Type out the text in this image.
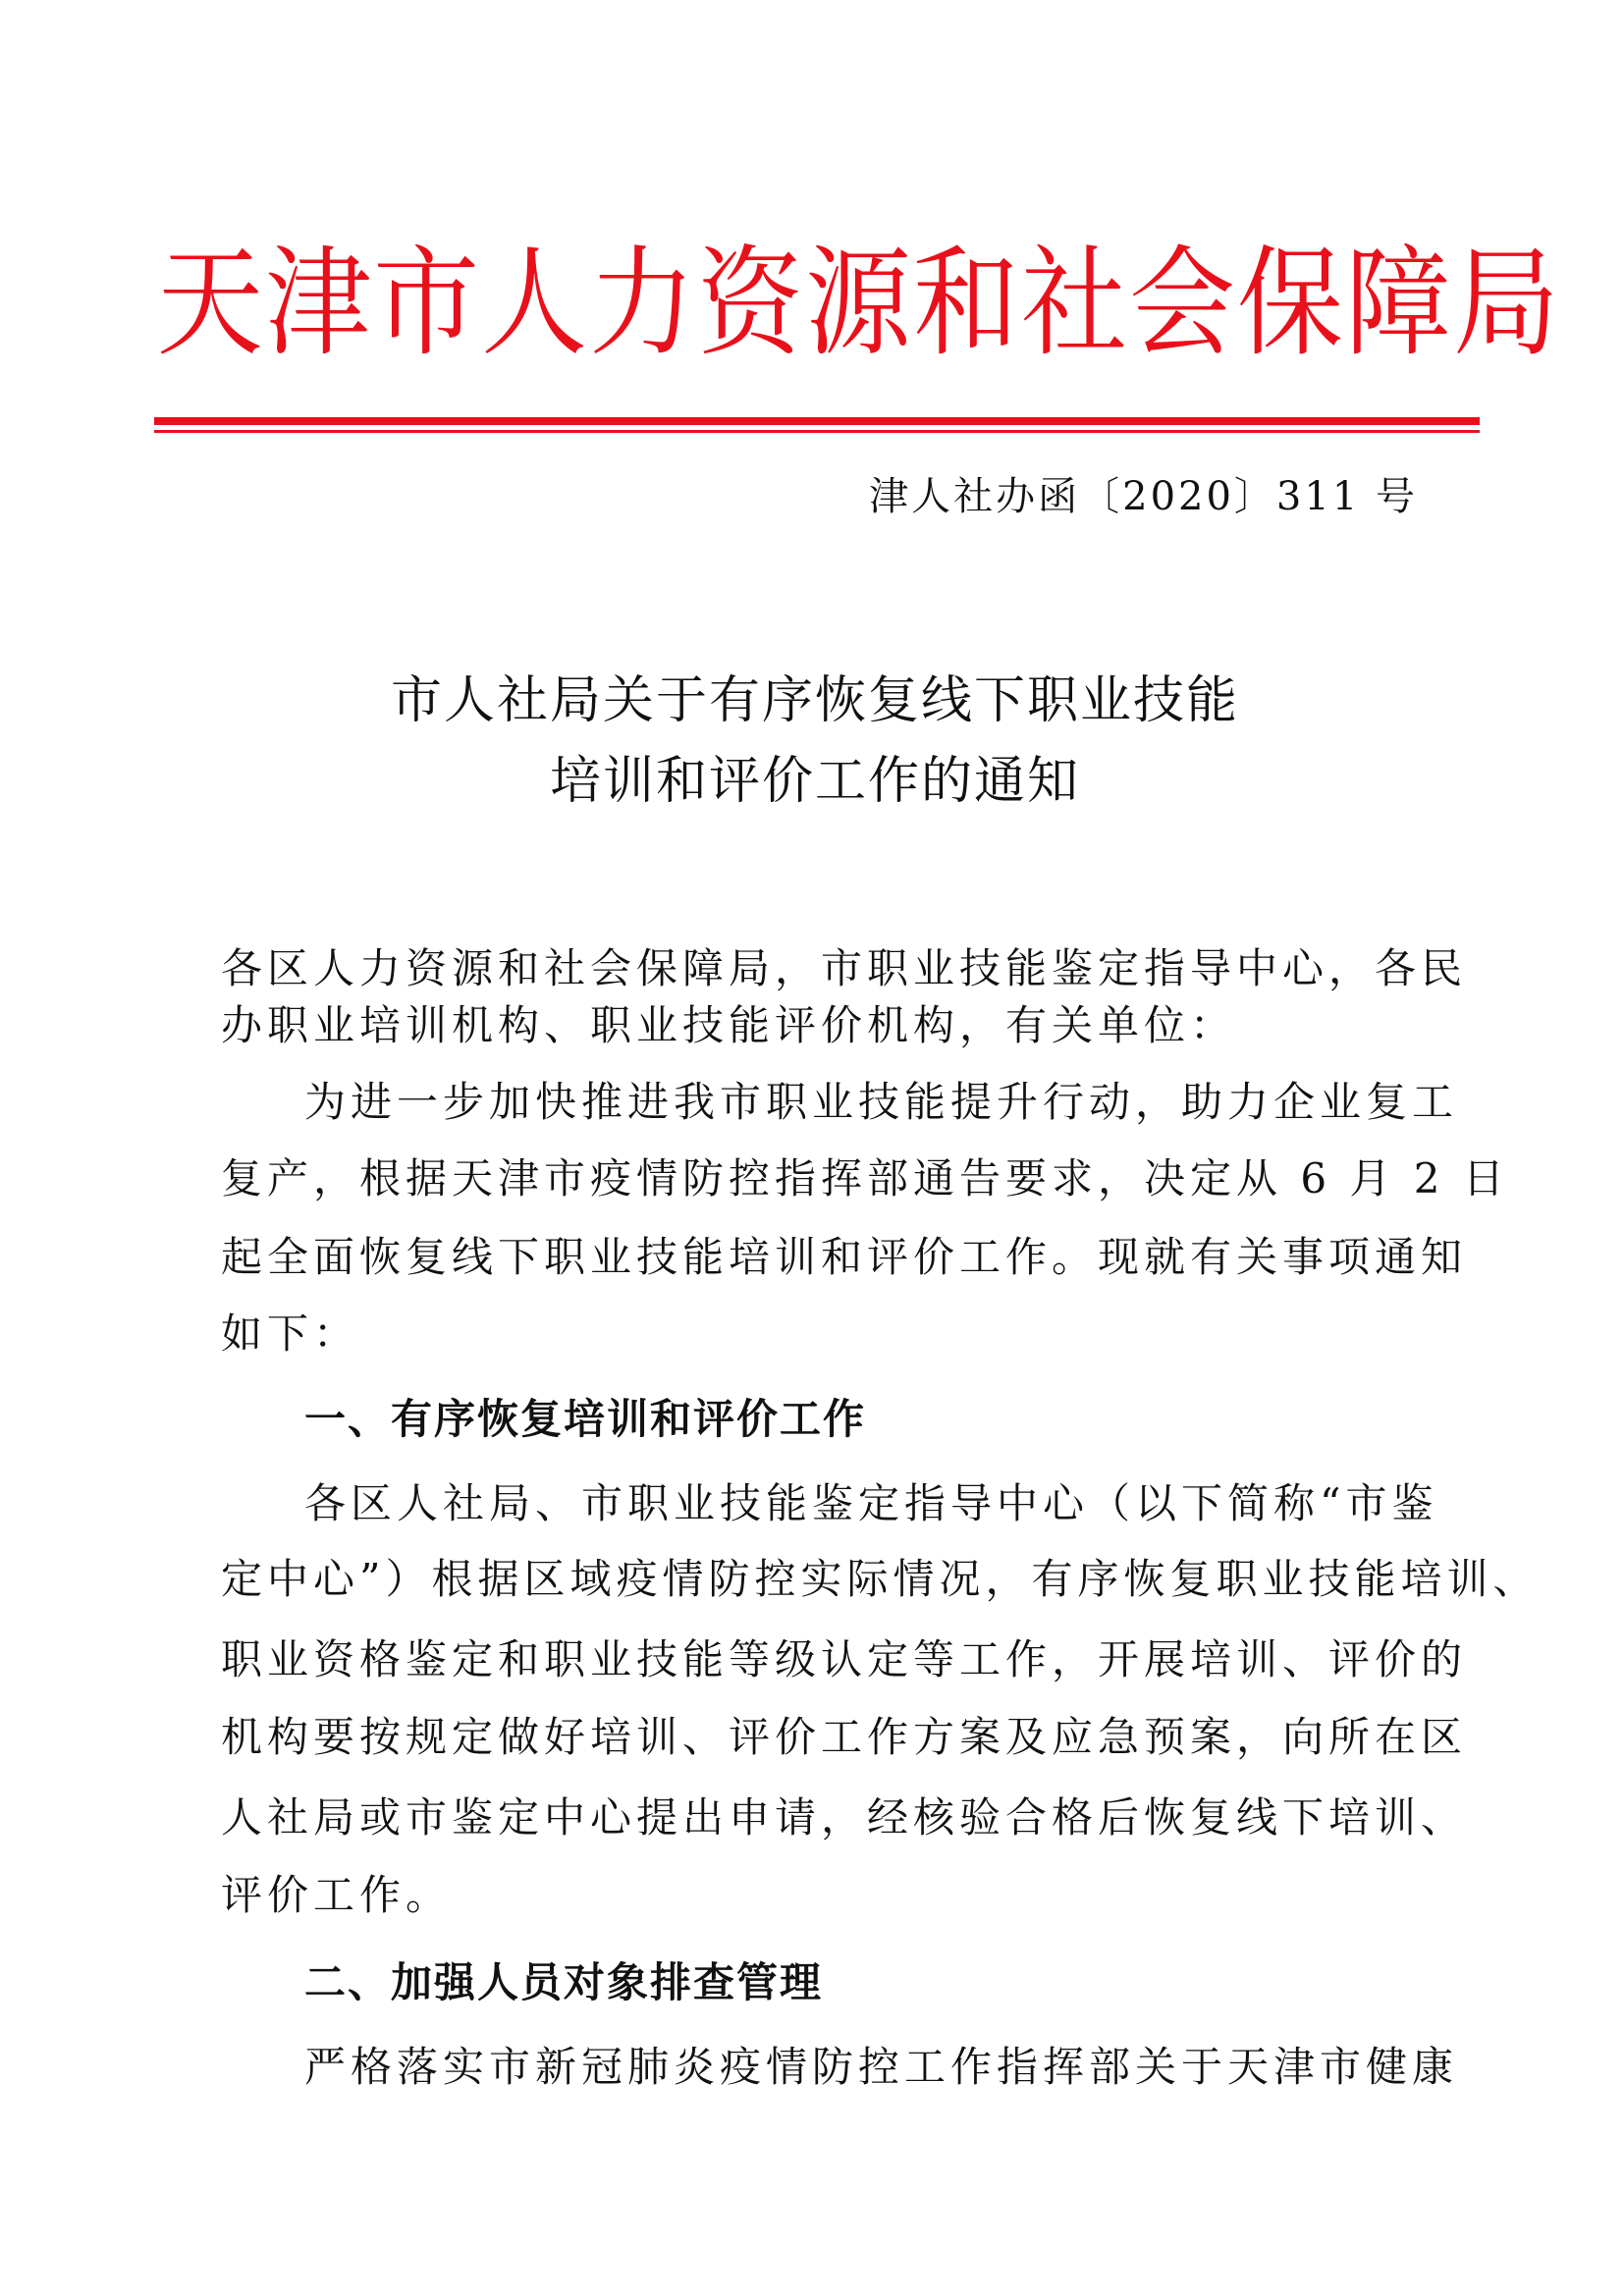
天津市人力资源和社会保障局
津人社办函〔2020〕311 号
市人社局关于有序恢复线下职业技能
培训和评价工作的通知
各区人力资源和社会保障局，市职业技能鉴定指导中心，各民
办职业培训机构、职业技能评价机构，有关单位：
为进一步加快推进我市职业技能提升行动，助力企业复工
复产，根据天津市疫情防控指挥部通告要求，决定从 6 月 2 日
起全面恢复线下职业技能培训和评价工作。现就有关事项通知
如下：
一、有序恢复培训和评价工作
各区人社局、市职业技能鉴定指导中心（以下简称“市鉴
定中心”）根据区域疫情防控实际情况，有序恢复职业技能培训、
职业资格鉴定和职业技能等级认定等工作，开展培训、评价的
机构要按规定做好培训、评价工作方案及应急预案，向所在区
人社局或市鉴定中心提出申请，经核验合格后恢复线下培训、
评价工作。
二、加强人员对象排查管理
严格落实市新冠肺炎疫情防控工作指挥部关于天津市健康
